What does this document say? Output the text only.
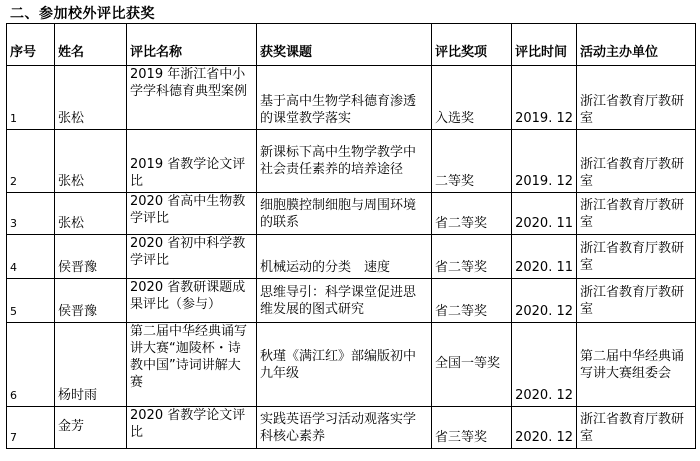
二、参加校外评比获奖
序号	姓名	评比名称	获奖课题	评比奖项	评比时间	活动主办单位
1	张松	2019 年浙江省中小学学科德育典型案例	基于高中生物学科德育渗透的课堂教学落实	入选奖	2019. 12	浙江省教育厅教研室
2	张松	2019 省教学论文评比	新课标下高中生物学教学中社会责任素养的培养途径	二等奖	2019. 12	浙江省教育厅教研室
3	张松	2020 省高中生物教学评比	细胞膜控制细胞与周围环境的联系	省二等奖	2020. 11	浙江省教育厅教研室
4	侯晋豫	2020 省初中科学教学评比	机械运动的分类　速度	省二等奖	2020. 11	浙江省教育厅教研室
5	侯晋豫	2020 省教研课题成果评比（参与）	思维导引：科学课堂促进思维发展的图式研究	省二等奖	2020. 12	浙江省教育厅教研室
6	杨时雨	第二届中华经典诵写讲大赛“迦陵杯・诗教中国”诗词讲解大赛	秋瑾《满江红》部编版初中九年级	全国一等奖	2020. 12	第二届中华经典诵写讲大赛组委会
7	金芳	2020 省教学论文评比	实践英语学习活动观落实学科核心素养	省三等奖	2020. 12	浙江省教育厅教研室
